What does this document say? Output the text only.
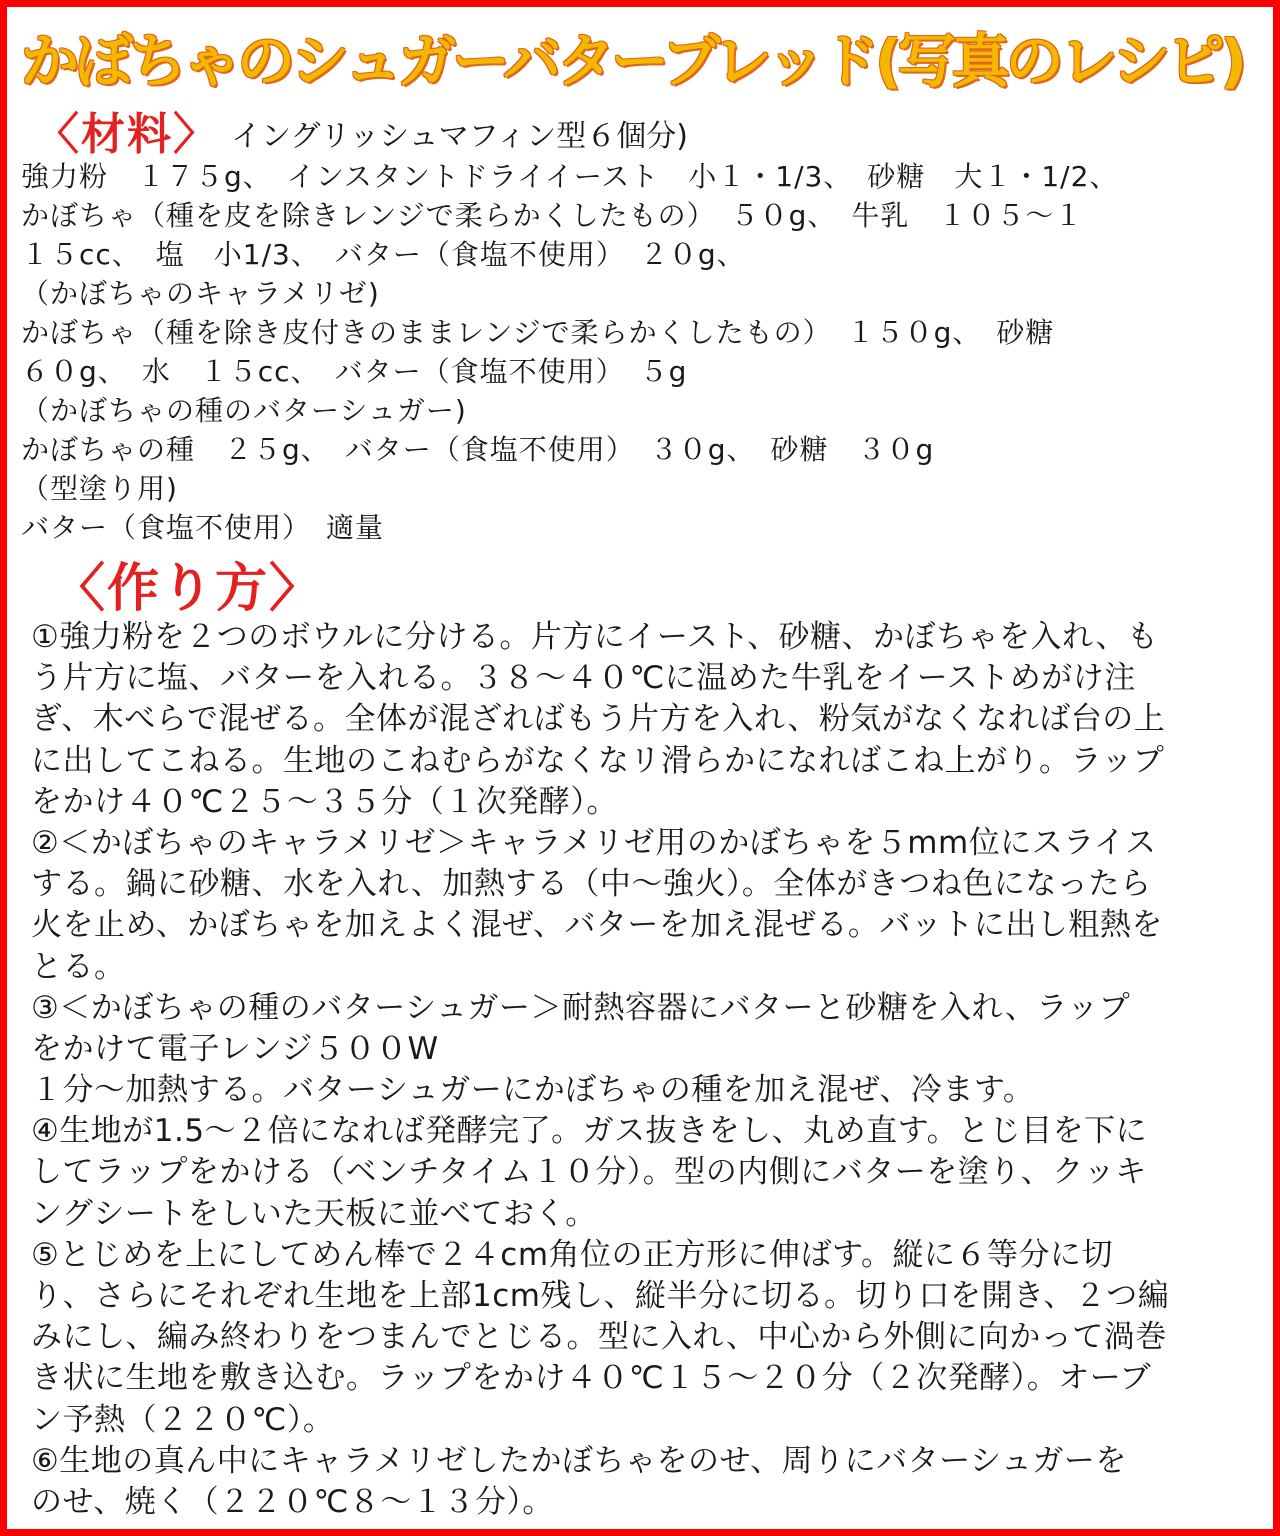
かぼちゃのシュガーバターブレッド(写真のレシピ)
〈材料〉 イングリッシュマフィン型６個分)
強力粉　１７５g、　インスタントドライイースト　小１・1/3、　砂糖　大１・1/2、
かぼちゃ（種を皮を除きレンジで柔らかくしたもの）　５０g、　牛乳　１０５～１
１５cc、　塩　小1/3、　バター（食塩不使用）　２０g、
（かぼちゃのキャラメリゼ)
かぼちゃ（種を除き皮付きのままレンジで柔らかくしたもの）　１５０g、　砂糖
６０g、　水　１５cc、　バター（食塩不使用）　５g
（かぼちゃの種のバターシュガー)
かぼちゃの種　２５g、　バター（食塩不使用）　３０g、　砂糖　３０g
（型塗り用)
バター（食塩不使用）　適量
〈作り方〉
①強力粉を２つのボウルに分ける。片方にイースト、砂糖、かぼちゃを入れ、も
う片方に塩、バターを入れる。３８～４０℃に温めた牛乳をイーストめがけ注
ぎ、木べらで混ぜる。全体が混ざればもう片方を入れ、粉気がなくなれば台の上
に出してこねる。生地のこねむらがなくなリ滑らかになればこね上がり。ラップ
をかけ４０℃２５～３５分（１次発酵）。
②＜かぼちゃのキャラメリゼ＞キャラメリゼ用のかぼちゃを５mm位にスライス
する。鍋に砂糖、水を入れ、加熱する（中～強火）。全体がきつね色になったら
火を止め、かぼちゃを加えよく混ぜ、バターを加え混ぜる。バットに出し粗熱を
とる。
③＜かぼちゃの種のバターシュガー＞耐熱容器にバターと砂糖を入れ、ラップ
をかけて電子レンジ５００W
１分～加熱する。バターシュガーにかぼちゃの種を加え混ぜ、冷ます。
④生地が1.5～２倍になれば発酵完了。ガス抜きをし、丸め直す。とじ目を下に
してラップをかける（ベンチタイム１０分）。型の内側にバターを塗り、クッキ
ングシートをしいた天板に並べておく。
⑤とじめを上にしてめん棒で２４cm角位の正方形に伸ばす。縦に６等分に切
り、さらにそれぞれ生地を上部1cm残し、縦半分に切る。切り口を開き、２つ編
みにし、編み終わりをつまんでとじる。型に入れ、中心から外側に向かって渦巻
き状に生地を敷き込む。ラップをかけ４０℃１５～２０分（２次発酵）。オーブ
ン予熱（２２０℃）。
⑥生地の真ん中にキャラメリゼしたかぼちゃをのせ、周りにバターシュガーを
のせ、焼く（２２０℃８～１３分）。
